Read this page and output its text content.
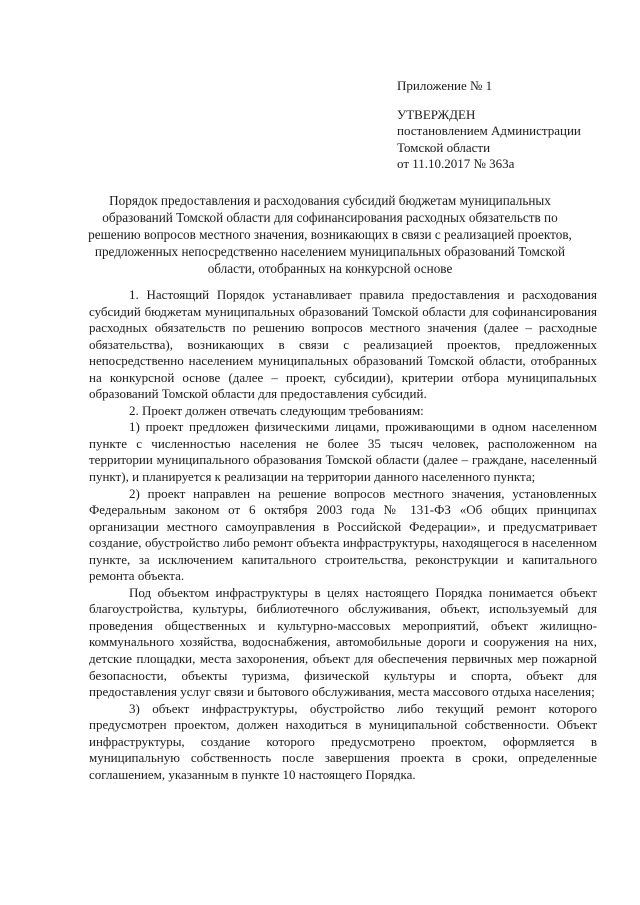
Приложение № 1
УТВЕРЖДЕН
постановлением Администрации
Томской области
от 11.10.2017 № 363а
Порядок предоставления и расходования субсидий бюджетам муниципальных образований Томской области для софинансирования расходных обязательств по решению вопросов местного значения, возникающих в связи с реализацией проектов, предложенных непосредственно населением муниципальных образований Томской области, отобранных на конкурсной основе

1. Настоящий Порядок устанавливает правила предоставления и расходования субсидий бюджетам муниципальных образований Томской области для софинансирования расходных обязательств по решению вопросов местного значения (далее – расходные обязательства), возникающих в связи с реализацией проектов, предложенных непосредственно населением муниципальных образований Томской области, отобранных на конкурсной основе (далее – проект, субсидии), критерии отбора муниципальных образований Томской области для предоставления субсидий.

2. Проект должен отвечать следующим требованиям:

1) проект предложен физическими лицами, проживающими в одном населенном пункте с численностью населения не более 35 тысяч человек, расположенном на территории муниципального образования Томской области (далее – граждане, населенный пункт), и планируется к реализации на территории данного населенного пункта;

2) проект направлен на решение вопросов местного значения, установленных Федеральным законом от 6 октября 2003 года № 131-ФЗ «Об общих принципах организации местного самоуправления в Российской Федерации», и предусматривает создание, обустройство либо ремонт объекта инфраструктуры, находящегося в населенном пункте, за исключением капитального строительства, реконструкции и капитального ремонта объекта.

Под объектом инфраструктуры в целях настоящего Порядка понимается объект благоустройства, культуры, библиотечного обслуживания, объект, используемый для проведения общественных и культурно-массовых мероприятий, объект жилищно-коммунального хозяйства, водоснабжения, автомобильные дороги и сооружения на них, детские площадки, места захоронения, объект для обеспечения первичных мер пожарной безопасности, объекты туризма, физической культуры и спорта, объект для предоставления услуг связи и бытового обслуживания, места массового отдыха населения;

3) объект инфраструктуры, обустройство либо текущий ремонт которого предусмотрен проектом, должен находиться в муниципальной собственности. Объект инфраструктуры, создание которого предусмотрено проектом, оформляется в муниципальную собственность после завершения проекта в сроки, определенные соглашением, указанным в пункте 10 настоящего Порядка.
